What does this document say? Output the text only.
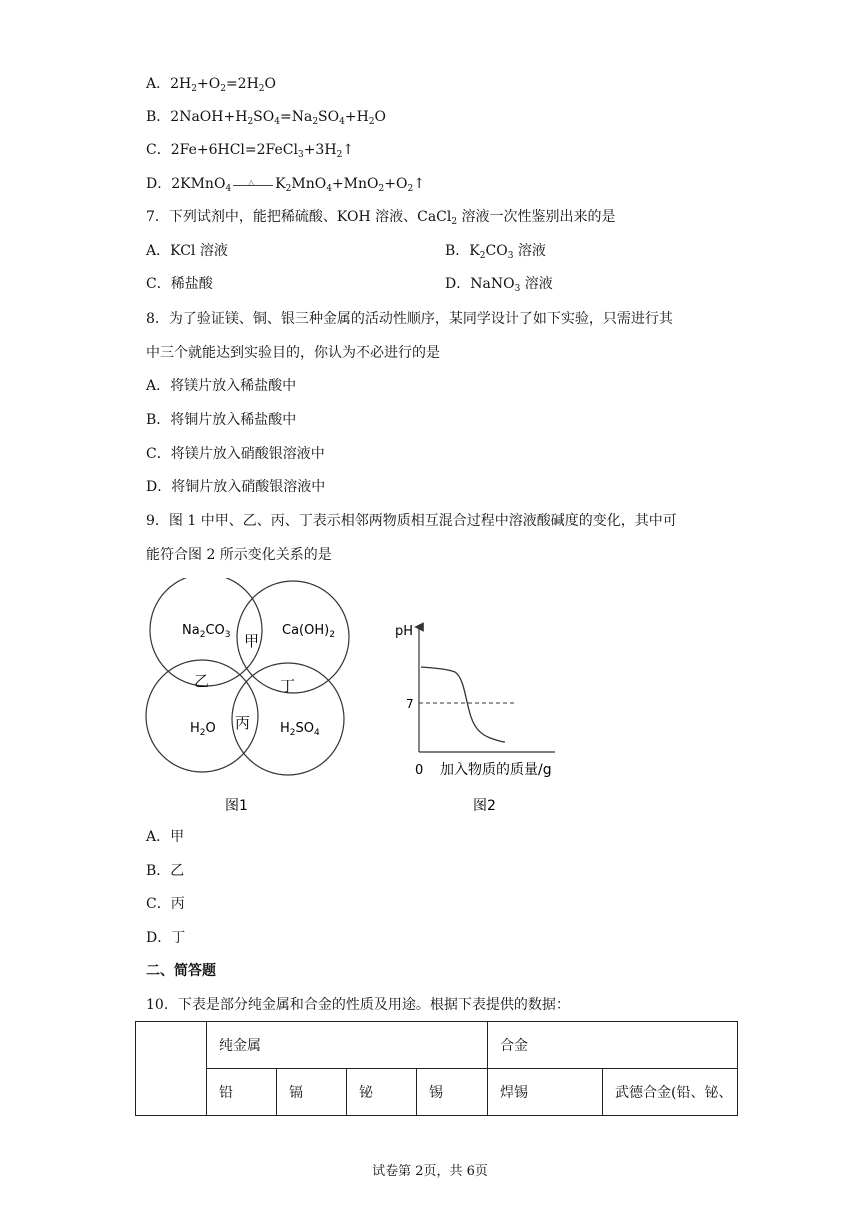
A．$2H_2+O_2=2H_2O$
B．$2NaOH+H_2SO_4=Na_2SO_4+H_2O$
C．$2Fe+6HCl=2FeCl_3+3H_2↑$
D．2KMnO$_4$
△ $K_2MnO_4+MnO_2+O_2↑$
7．下列试剂中，能把稀硫酸、KOH 溶液、CaCl$_2$ 溶液一次性鉴别出来的是
A．KCl 溶液	B．$K_2CO_3$ 溶液
C．稀盐酸	D．NaNO$_3$ 溶液
8．为了验证镁、铜、银三种金属的活动性顺序，某同学设计了如下实验，只需进行其
中三个就能达到实验目的，你认为不必进行的是
A．将镁片放入稀盐酸中
B．将铜片放入稀盐酸中
C．将镁片放入硝酸银溶液中
D．将铜片放入硝酸银溶液中
9．图 1 中甲、乙、丙、丁表示相邻两物质相互混合过程中溶液酸碱度的变化，其中可
能符合图 2 所示变化关系的是
$Na_2CO_3$	$Ca(OH)_2$
$H_2O$	$H_2SO_4$
甲
乙	丁
丙
图1
pH
7
0 加入物质的质量/g
图2
A．甲
B．乙
C．丙
D．丁
二、简答题
10．下表是部分纯金属和合金的性质及用途。根据下表提供的数据：
	纯金属				合金	
	铅	镉	铋	锡	焊锡	武德合金(铅、铋、
试卷第 2页，共 6页
